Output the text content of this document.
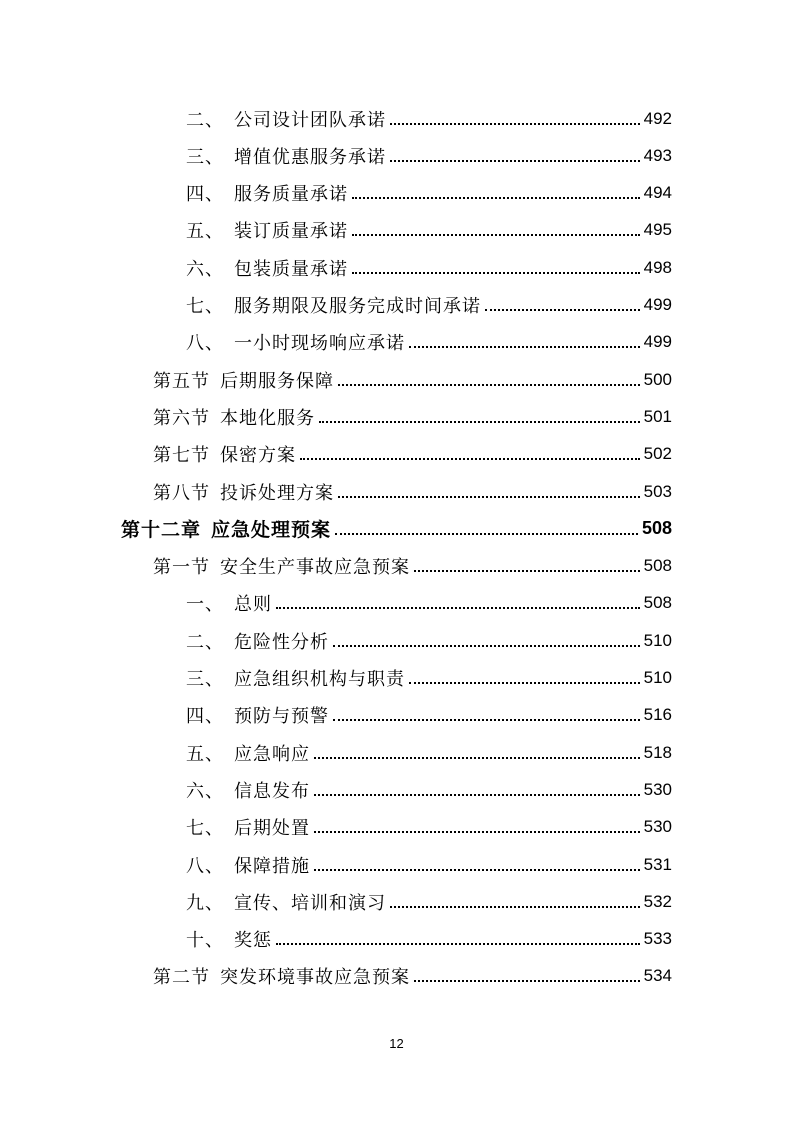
二、 公司设计团队承诺	492
三、 增值优惠服务承诺	493
四、 服务质量承诺	494
五、 装订质量承诺	495
六、 包装质量承诺	498
七、 服务期限及服务完成时间承诺	499
八、 一小时现场响应承诺	499
第五节 后期服务保障	500
第六节 本地化服务	501
第七节 保密方案	502
第八节 投诉处理方案	503
第十二章 应急处理预案	508
第一节 安全生产事故应急预案	508
一、 总则	508
二、 危险性分析	510
三、 应急组织机构与职责	510
四、 预防与预警	516
五、 应急响应	518
六、 信息发布	530
七、 后期处置	530
八、 保障措施	531
九、 宣传、培训和演习	532
十、 奖惩	533
第二节 突发环境事故应急预案	534
12
